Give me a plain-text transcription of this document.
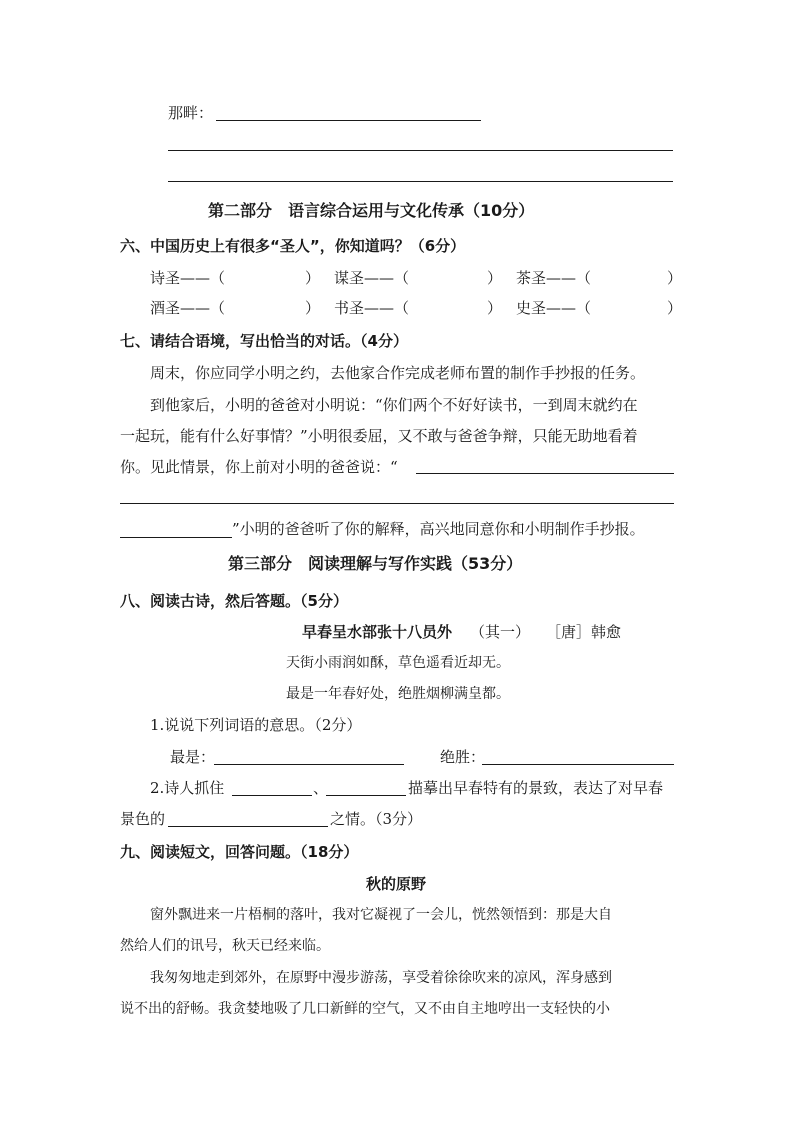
那畔：
第二部分　语言综合运用与文化传承（10分）
六、中国历史上有很多“圣人”，你知道吗？（6分）
诗圣——（	） 谋圣——（	） 茶圣——（	）
酒圣——（	） 书圣——（	） 史圣——（	）
七、请结合语境，写出恰当的对话。（4分）
周末，你应同学小明之约，去他家合作完成老师布置的制作手抄报的任务。
到他家后，小明的爸爸对小明说：“你们两个不好好读书，一到周末就约在
一起玩，能有什么好事情？”小明很委屈，又不敢与爸爸争辩，只能无助地看着
你。见此情景，你上前对小明的爸爸说：“
”小明的爸爸听了你的解释，高兴地同意你和小明制作手抄报。
第三部分　阅读理解与写作实践（53分）
八、阅读古诗，然后答题。（5分）
早春呈水部张十八员外 （其一） ［唐］韩愈
天街小雨润如酥，草色遥看近却无。
最是一年春好处，绝胜烟柳满皇都。
1.说说下列词语的意思。（2分）
最是：	绝胜：
2.诗人抓住	、	描摹出早春特有的景致，表达了对早春
景色的	之情。（3分）
九、阅读短文，回答问题。（18分）
秋的原野
窗外飘进来一片梧桐的落叶，我对它凝视了一会儿，恍然领悟到：那是大自
然给人们的讯号，秋天已经来临。
我匆匆地走到郊外，在原野中漫步游荡，享受着徐徐吹来的凉风，浑身感到
说不出的舒畅。我贪婪地吸了几口新鲜的空气，又不由自主地哼出一支轻快的小
